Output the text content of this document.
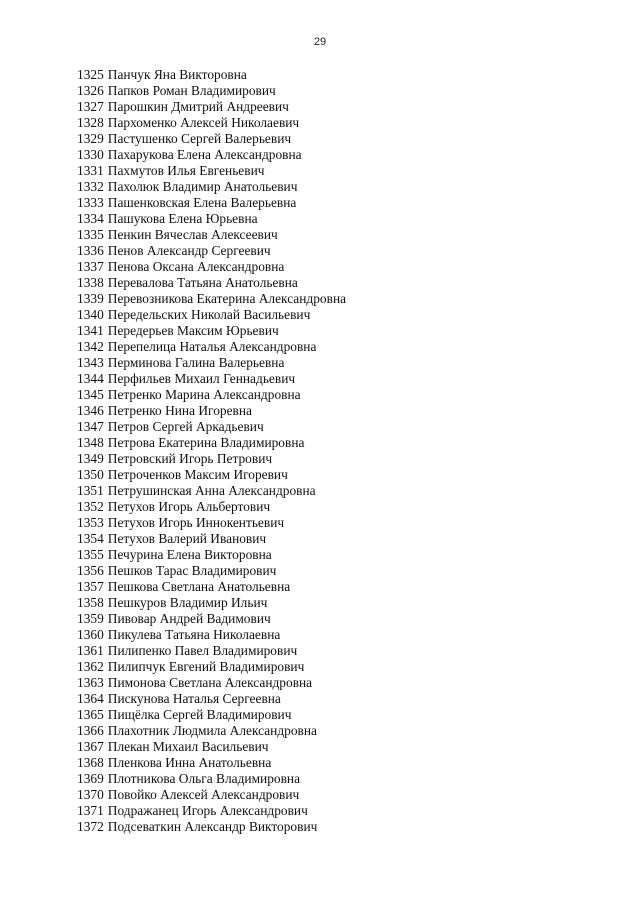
29
1325 Панчук Яна Викторовна
1326 Папков Роман Владимирович
1327 Парошкин Дмитрий Андреевич
1328 Пархоменко Алексей Николаевич
1329 Пастушенко Сергей Валерьевич
1330 Пахарукова Елена Александровна
1331 Пахмутов Илья Евгеньевич
1332 Пахолюк Владимир Анатольевич
1333 Пашенковская Елена Валерьевна
1334 Пашукова Елена Юрьевна
1335 Пенкин Вячеслав Алексеевич
1336 Пенов Александр Сергеевич
1337 Пенова Оксана Александровна
1338 Перевалова Татьяна Анатольевна
1339 Перевозникова Екатерина Александровна
1340 Передельских Николай Васильевич
1341 Передерьев Максим Юрьевич
1342 Перепелица Наталья Александровна
1343 Перминова Галина Валерьевна
1344 Перфильев Михаил Геннадьевич
1345 Петренко Марина Александровна
1346 Петренко Нина Игоревна
1347 Петров Сергей Аркадьевич
1348 Петрова Екатерина Владимировна
1349 Петровский Игорь Петрович
1350 Петроченков Максим Игоревич
1351 Петрушинская Анна Александровна
1352 Петухов Игорь Альбертович
1353 Петухов Игорь Иннокентьевич
1354 Петухов Валерий Иванович
1355 Печурина Елена Викторовна
1356 Пешков Тарас Владимирович
1357 Пешкова Светлана Анатольевна
1358 Пешкуров Владимир Ильич
1359 Пивовар Андрей Вадимович
1360 Пикулева Татьяна Николаевна
1361 Пилипенко Павел Владимирович
1362 Пилипчук Евгений Владимирович
1363 Пимонова Светлана Александровна
1364 Пискунова Наталья Сергеевна
1365 Пищёлка Сергей Владимирович
1366 Плахотник Людмила Александровна
1367 Плекан Михаил Васильевич
1368 Пленкова Инна Анатольевна
1369 Плотникова Ольга Владимировна
1370 Повойко Алексей Александрович
1371 Подражанец Игорь Александрович
1372 Подсеваткин Александр Викторович
